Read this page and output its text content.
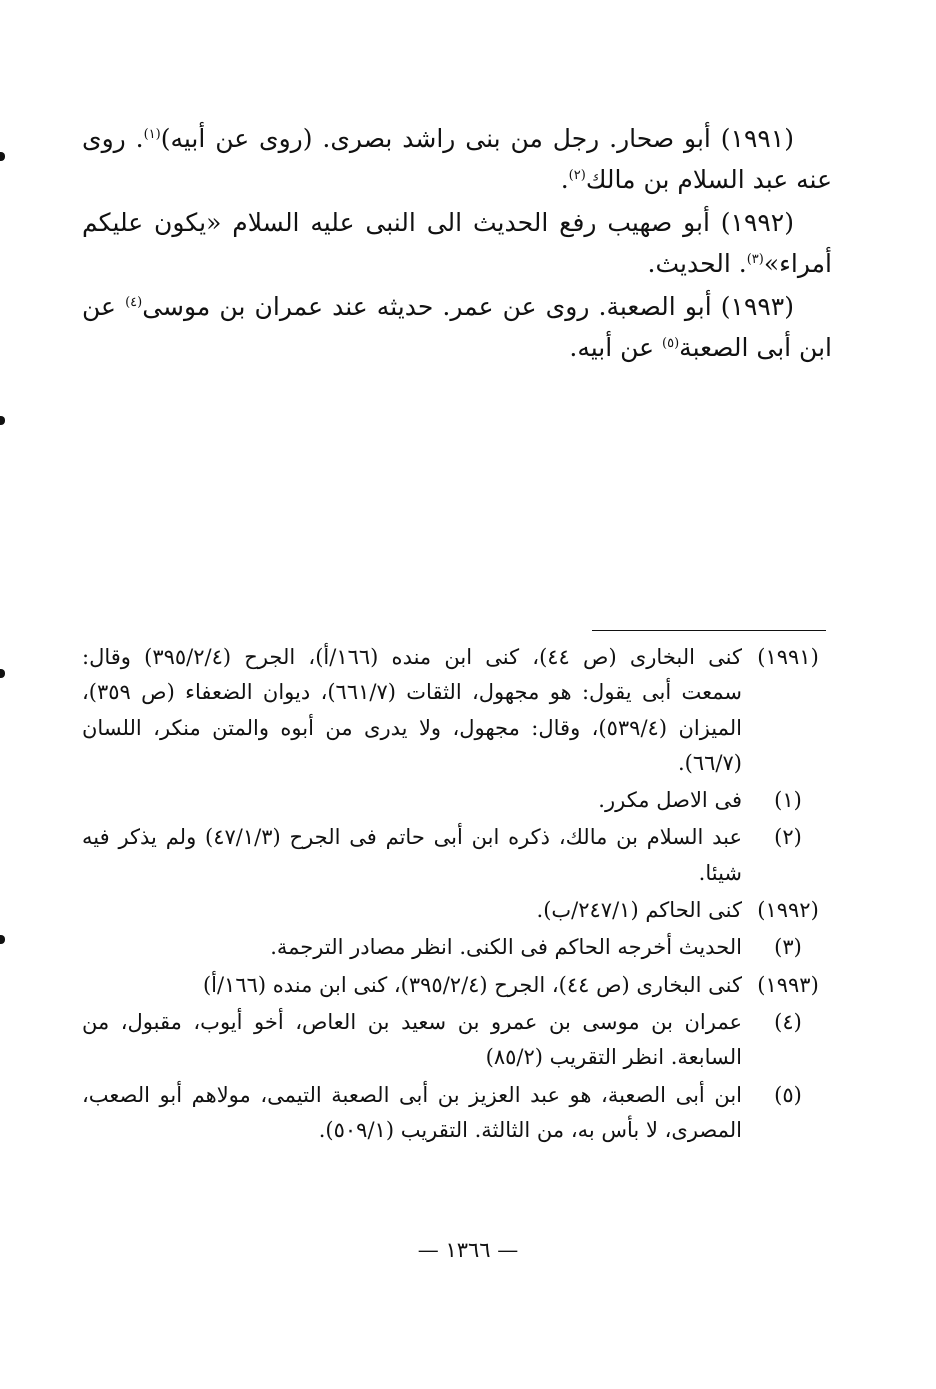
(١٩٩١) أبو صحار. رجل من بنى راشد بصرى. (روى عن أبيه)$^{(١)}$. روى عنه عبد السلام بن مالك$^{(٢)}$.

(١٩٩٢) أبو صهيب رفع الحديث الى النبى عليه السلام «يكون عليكم أمراء»$^{(٣)}$. الحديث.

(١٩٩٣) أبو الصعبة. روى عن عمر. حديثه عند عمران بن موسى$^{(٤)}$ عن ابن أبى الصعبة$^{(٥)}$ عن أبيه.

(١٩٩١)
كنى البخارى (ص ٤٤)، كنى ابن منده (١٦٦/أ)، الجرح (٣٩٥/٢/٤) وقال: سمعت أبى يقول: هو مجهول، الثقات (٦٦١/٧)، ديوان الضعفاء (ص ٣٥٩)، الميزان (٥٣٩/٤)، وقال: مجهول، ولا يدرى من أبوه والمتن منكر، اللسان (٦٦/٧).
(١)
فى الاصل مكرر.
(٢)
عبد السلام بن مالك، ذكره ابن أبى حاتم فى الجرح (٤٧/١/٣) ولم يذكر فيه شيئا.
(١٩٩٢)
كنى الحاكم (٢٤٧/١/ب).
(٣)
الحديث أخرجه الحاكم فى الكنى. انظر مصادر الترجمة.
(١٩٩٣)
كنى البخارى (ص ٤٤)، الجرح (٣٩٥/٢/٤)، كنى ابن منده (١٦٦/أ)
(٤)
عمران بن موسى بن عمرو بن سعيد بن العاص، أخو أيوب، مقبول، من السابعة. انظر التقريب (٨٥/٢)
(٥)
ابن أبى الصعبة، هو عبد العزيز بن أبى الصعبة التيمى، مولاهم أبو الصعب، المصرى، لا بأس به، من الثالثة. التقريب (٥٠٩/١).
— ١٣٦٦ —
